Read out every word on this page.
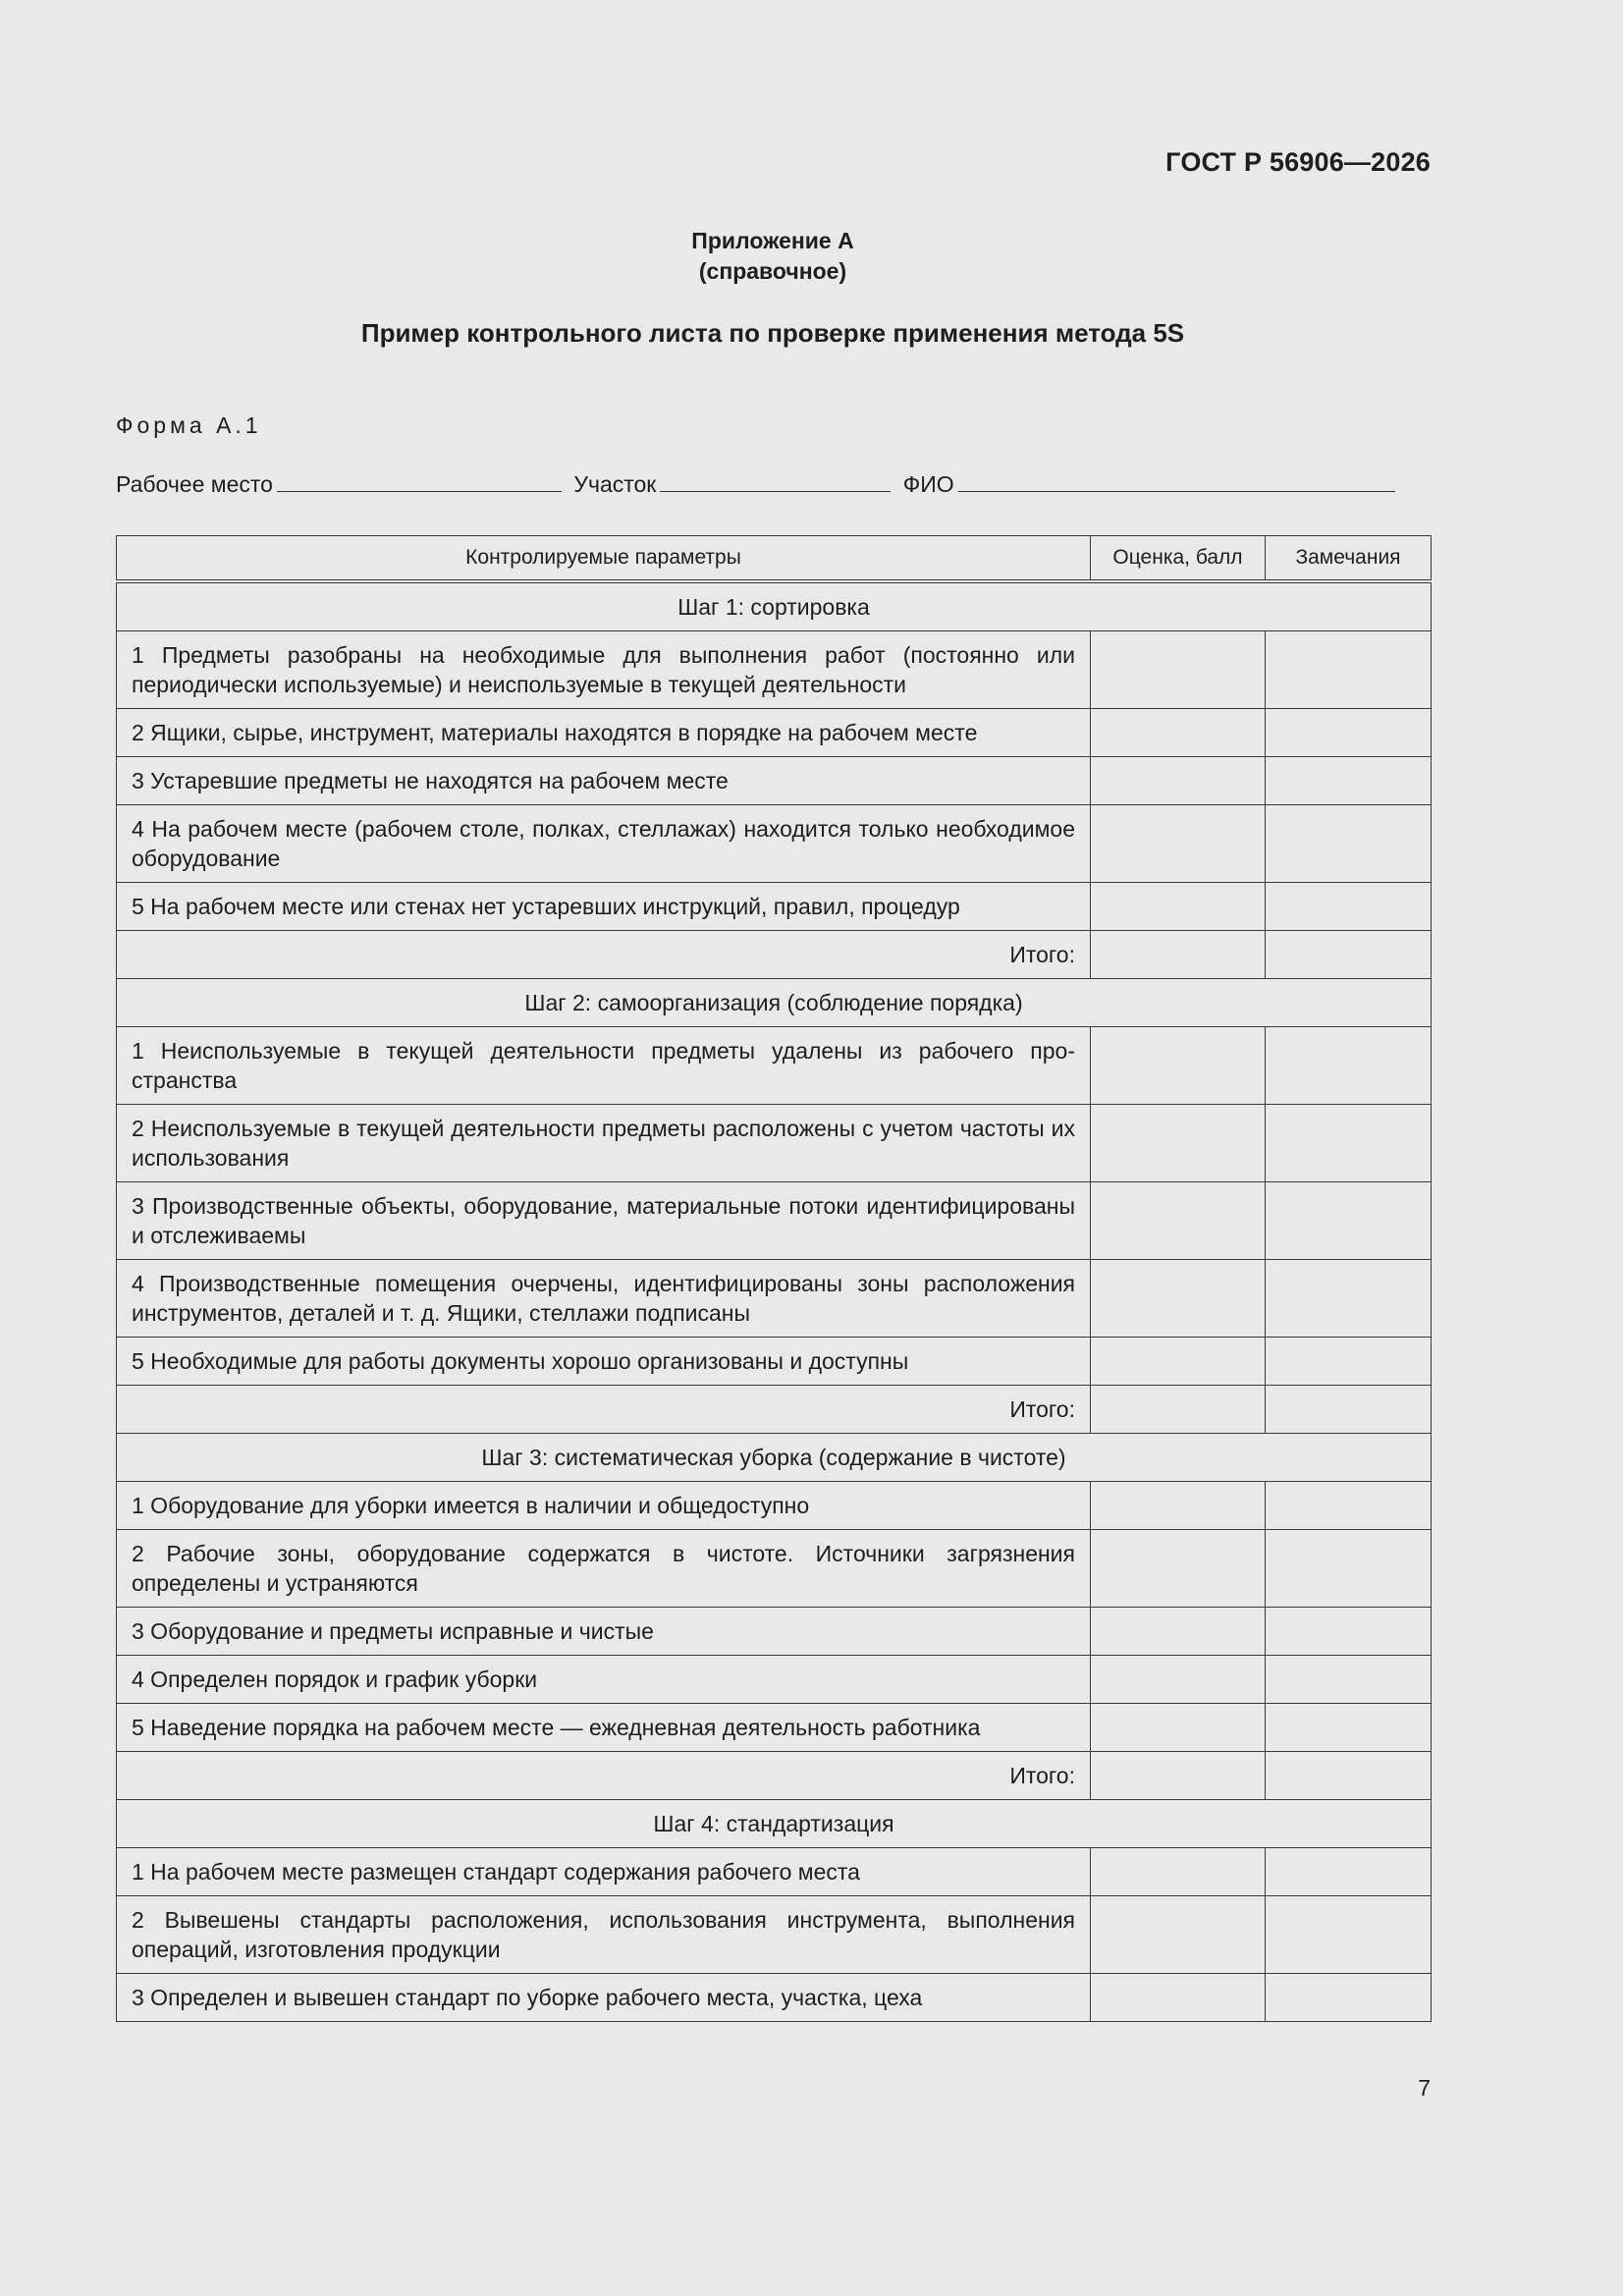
ГОСТ Р 56906—2026
Приложение А
(справочное)
Пример контрольного листа по проверке применения метода 5S
Форма А.1
Рабочее место	Участок	ФИО
Контролируемые параметры	Оценка, балл	Замечания
Шаг 1: сортировка		
1 Предметы разобраны на необходимые для выполнения работ (постоянно или периодически используемые) и неиспользуемые в текущей деятельности		
2 Ящики, сырье, инструмент, материалы находятся в порядке на рабочем месте		
3 Устаревшие предметы не находятся на рабочем месте		
4 На рабочем месте (рабочем столе, полках, стеллажах) находится только необходимое оборудование		
5 На рабочем месте или стенах нет устаревших инструкций, правил, процедур		
Итого:		
Шаг 2: самоорганизация (соблюдение порядка)		
1 Неиспользуемые в текущей деятельности предметы удалены из рабочего пространства		
2 Неиспользуемые в текущей деятельности предметы расположены с учетом частоты их использования		
3 Производственные объекты, оборудование, материальные потоки идентифицированы и отслеживаемы		
4 Производственные помещения очерчены, идентифицированы зоны расположения инструментов, деталей и т. д. Ящики, стеллажи подписаны		
5 Необходимые для работы документы хорошо организованы и доступны		
Итого:		
Шаг 3: систематическая уборка (содержание в чистоте)		
1 Оборудование для уборки имеется в наличии и общедоступно		
2 Рабочие зоны, оборудование содержатся в чистоте. Источники загрязнения определены и устраняются		
3 Оборудование и предметы исправные и чистые		
4 Определен порядок и график уборки		
5 Наведение порядка на рабочем месте — ежедневная деятельность работника		
Итого:		
Шаг 4: стандартизация		
1 На рабочем месте размещен стандарт содержания рабочего места		
2 Вывешены стандарты расположения, использования инструмента, выполнения операций, изготовления продукции		
3 Определен и вывешен стандарт по уборке рабочего места, участка, цеха		
7
